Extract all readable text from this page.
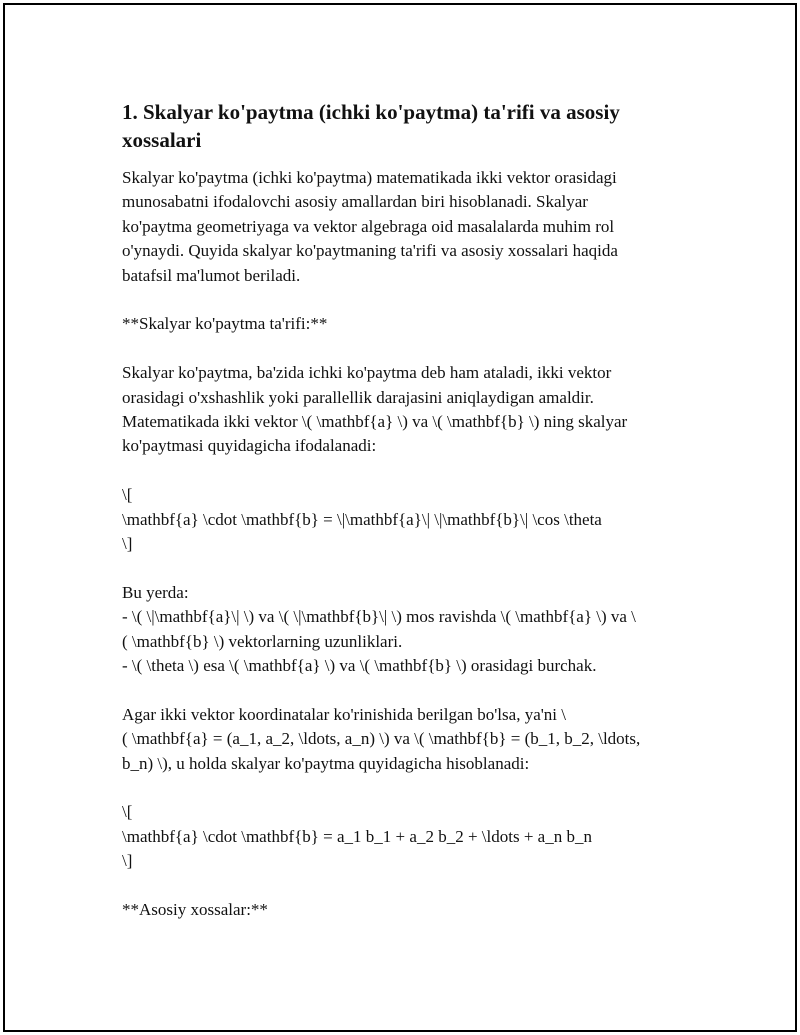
1. Skalyar ko'paytma (ichki ko'paytma) ta'rifi va asosiy xossalari
Skalyar ko'paytma (ichki ko'paytma) matematikada ikki vektor orasidagi
munosabatni ifodalovchi asosiy amallardan biri hisoblanadi. Skalyar
ko'paytma geometriyaga va vektor algebraga oid masalalarda muhim rol
o'ynaydi. Quyida skalyar ko'paytmaning ta'rifi va asosiy xossalari haqida
batafsil ma'lumot beriladi.
**Skalyar ko'paytma ta'rifi:**
Skalyar ko'paytma, ba'zida ichki ko'paytma deb ham ataladi, ikki vektor
orasidagi o'xshashlik yoki parallellik darajasini aniqlaydigan amaldir.
Matematikada ikki vektor \( \mathbf{a} \) va \( \mathbf{b} \) ning skalyar
ko'paytmasi quyidagicha ifodalanadi:
\[
\mathbf{a} \cdot \mathbf{b} = \|\mathbf{a}\| \|\mathbf{b}\| \cos \theta
\]
Bu yerda:
- \( \|\mathbf{a}\| \) va \( \|\mathbf{b}\| \) mos ravishda \( \mathbf{a} \) va \
( \mathbf{b} \) vektorlarning uzunliklari.
- \( \theta \) esa \( \mathbf{a} \) va \( \mathbf{b} \) orasidagi burchak.
Agar ikki vektor koordinatalar ko'rinishida berilgan bo'lsa, ya'ni \
( \mathbf{a} = (a_1, a_2, \ldots, a_n) \) va \( \mathbf{b} = (b_1, b_2, \ldots,
b_n) \), u holda skalyar ko'paytma quyidagicha hisoblanadi:
\[
\mathbf{a} \cdot \mathbf{b} = a_1 b_1 + a_2 b_2 + \ldots + a_n b_n
\]
**Asosiy xossalar:**
